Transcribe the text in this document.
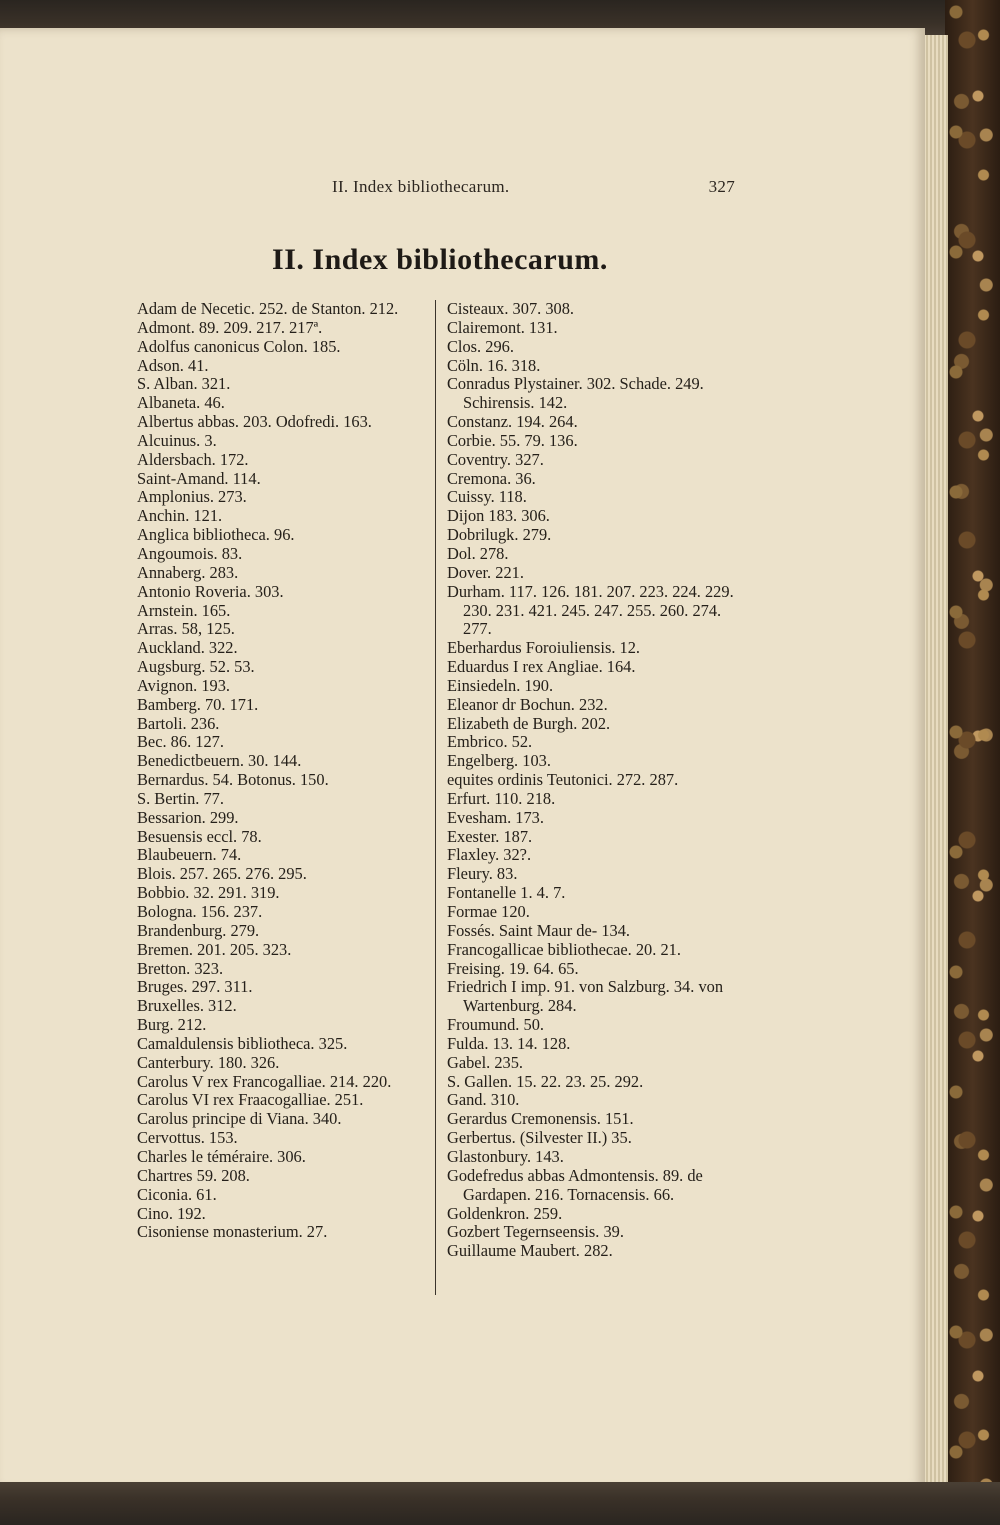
II. Index bibliothecarum.	327
II. Index bibliothecarum.

Adam de Necetic. 252. de Stanton. 212.

Admont. 89. 209. 217. 217ª.

Adolfus canonicus Colon. 185.

Adson. 41.

S. Alban. 321.

Albaneta. 46.

Albertus abbas. 203. Odofredi. 163.

Alcuinus. 3.

Aldersbach. 172.

Saint-Amand. 114.

Amplonius. 273.

Anchin. 121.

Anglica bibliotheca. 96.

Angoumois. 83.

Annaberg. 283.

Antonio Roveria. 303.

Arnstein. 165.

Arras. 58, 125.

Auckland. 322.

Augsburg. 52. 53.

Avignon. 193.

Bamberg. 70. 171.

Bartoli. 236.

Bec. 86. 127.

Benedictbeuern. 30. 144.

Bernardus. 54. Botonus. 150.

S. Bertin. 77.

Bessarion. 299.

Besuensis eccl. 78.

Blaubeuern. 74.

Blois. 257. 265. 276. 295.

Bobbio. 32. 291. 319.

Bologna. 156. 237.

Brandenburg. 279.

Bremen. 201. 205. 323.

Bretton. 323.

Bruges. 297. 311.

Bruxelles. 312.

Burg. 212.

Camaldulensis bibliotheca. 325.

Canterbury. 180. 326.

Carolus V rex Francogalliae. 214. 220.

Carolus VI rex Fraacogalliae. 251.

Carolus principe di Viana. 340.

Cervottus. 153.

Charles le téméraire. 306.

Chartres 59. 208.

Ciconia. 61.

Cino. 192.

Cisoniense monasterium. 27.

Cisteaux. 307. 308.

Clairemont. 131.

Clos. 296.

Cöln. 16. 318.

Conradus Plystainer. 302. Schade. 249. Schirensis. 142.

Constanz. 194. 264.

Corbie. 55. 79. 136.

Coventry. 327.

Cremona. 36.

Cuissy. 118.

Dijon 183. 306.

Dobrilugk. 279.

Dol. 278.

Dover. 221.

Durham. 117. 126. 181. 207. 223. 224. 229. 230. 231. 421. 245. 247. 255. 260. 274. 277.

Eberhardus Foroiuliensis. 12.

Eduardus I rex Angliae. 164.

Einsiedeln. 190.

Eleanor dr Bochun. 232.

Elizabeth de Burgh. 202.

Embrico. 52.

Engelberg. 103.

equites ordinis Teutonici. 272. 287.

Erfurt. 110. 218.

Evesham. 173.

Exester. 187.

Flaxley. 32?.

Fleury. 83.

Fontanelle 1. 4. 7.

Formae 120.

Fossés. Saint Maur de- 134.

Francogallicae bibliothecae. 20. 21.

Freising. 19. 64. 65.

Friedrich I imp. 91. von Salzburg. 34. von Wartenburg. 284.

Froumund. 50.

Fulda. 13. 14. 128.

Gabel. 235.

S. Gallen. 15. 22. 23. 25. 292.

Gand. 310.

Gerardus Cremonensis. 151.

Gerbertus. (Silvester II.) 35.

Glastonbury. 143.

Godefredus abbas Admontensis. 89. de Gardapen. 216. Tornacensis. 66.

Goldenkron. 259.

Gozbert Tegernseensis. 39.

Guillaume Maubert. 282.
